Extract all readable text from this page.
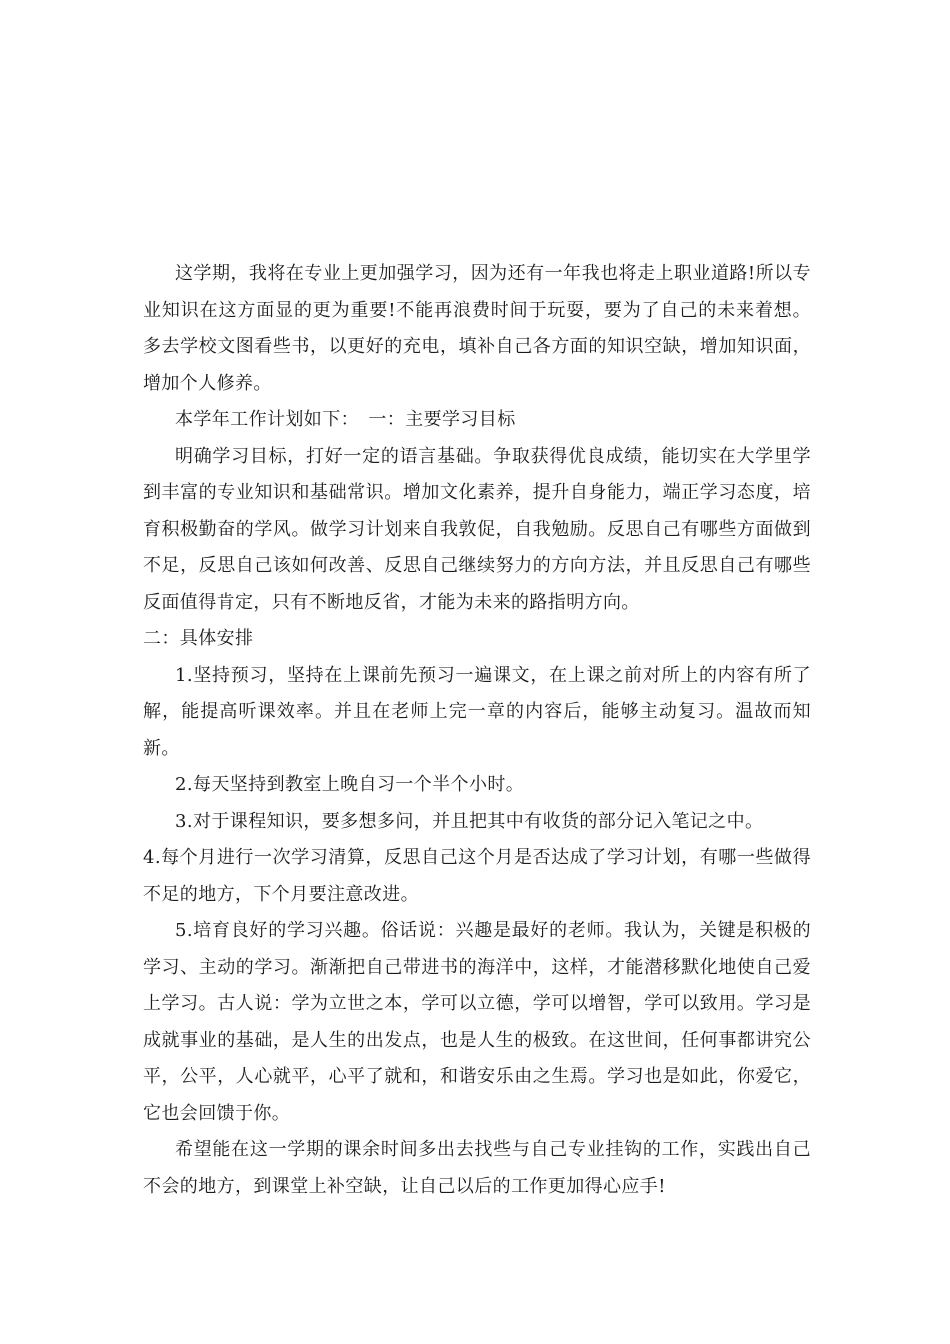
这学期，我将在专业上更加强学习，因为还有一年我也将走上职业道路!所以专业知识在这方面显的更为重要!不能再浪费时间于玩耍，要为了自己的未来着想。多去学校文图看些书，以更好的充电，填补自己各方面的知识空缺，增加知识面，增加个人修养。

本学年工作计划如下：　一：主要学习目标

明确学习目标，打好一定的语言基础。争取获得优良成绩，能切实在大学里学到丰富的专业知识和基础常识。增加文化素养，提升自身能力，端正学习态度，培育积极勤奋的学风。做学习计划来自我敦促，自我勉励。反思自己有哪些方面做到不足，反思自己该如何改善、反思自己继续努力的方向方法，并且反思自己有哪些反面值得肯定，只有不断地反省，才能为未来的路指明方向。

二：具体安排

1.坚持预习，坚持在上课前先预习一遍课文，在上课之前对所上的内容有所了解，能提高听课效率。并且在老师上完一章的内容后，能够主动复习。温故而知新。

2.每天坚持到教室上晚自习一个半个小时。

3.对于课程知识，要多想多问，并且把其中有收货的部分记入笔记之中。

4.每个月进行一次学习清算，反思自己这个月是否达成了学习计划，有哪一些做得不足的地方，下个月要注意改进。

5.培育良好的学习兴趣。俗话说：兴趣是最好的老师。我认为，关键是积极的学习、主动的学习。渐渐把自己带进书的海洋中，这样，才能潜移默化地使自己爱上学习。古人说：学为立世之本，学可以立德，学可以增智，学可以致用。学习是成就事业的基础，是人生的出发点，也是人生的极致。在这世间，任何事都讲究公平，公平，人心就平，心平了就和，和谐安乐由之生焉。学习也是如此，你爱它，它也会回馈于你。

希望能在这一学期的课余时间多出去找些与自己专业挂钩的工作，实践出自己不会的地方，到课堂上补空缺，让自己以后的工作更加得心应手!
